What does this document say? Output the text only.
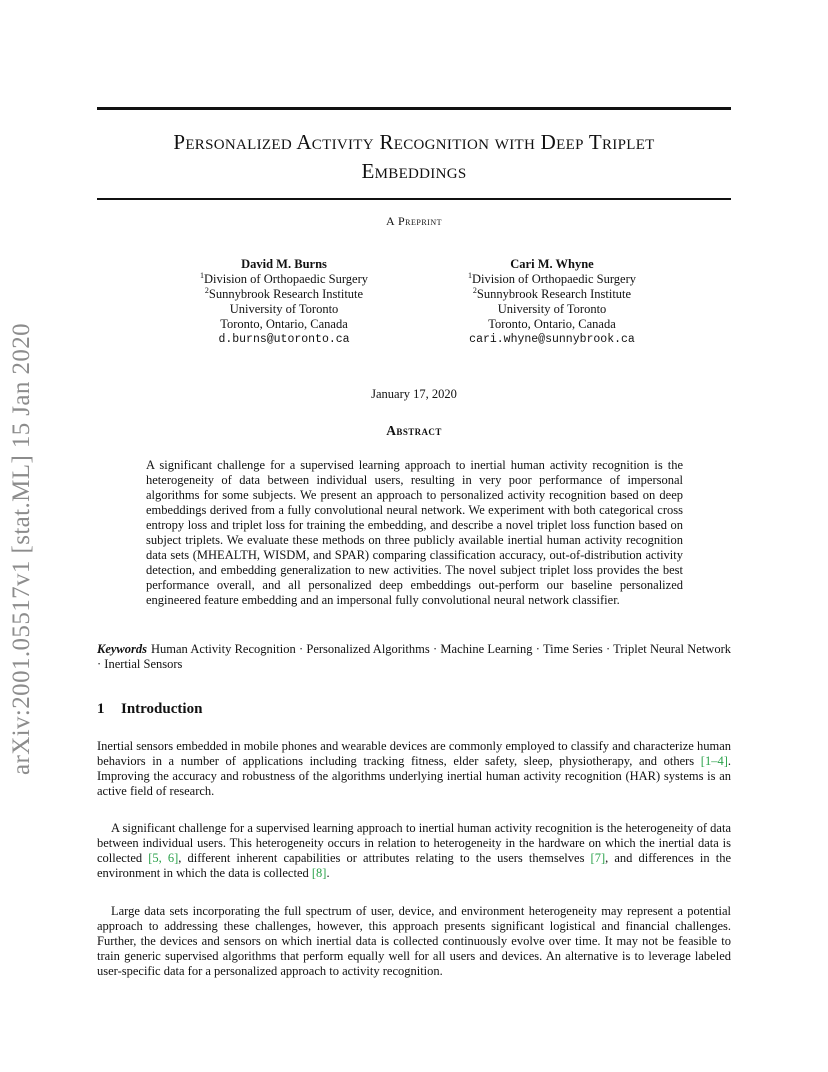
Personalized Activity Recognition with Deep Triplet
Embeddings
A Preprint
David M. Burns
$^1$Division of Orthopaedic Surgery
$^2$Sunnybrook Research Institute
University of Toronto
Toronto, Ontario, Canada
d.burns@utoronto.ca
Cari M. Whyne
$^1$Division of Orthopaedic Surgery
$^2$Sunnybrook Research Institute
University of Toronto
Toronto, Ontario, Canada
cari.whyne@sunnybrook.ca
January 17, 2020
Abstract
A significant challenge for a supervised learning approach to inertial human activity recognition is the heterogeneity of data between individual users, resulting in very poor performance of impersonal algorithms for some subjects. We present an approach to personalized activity recognition based on deep embeddings derived from a fully convolutional neural network. We experiment with both categorical cross entropy loss and triplet loss for training the embedding, and describe a novel triplet loss function based on subject triplets. We evaluate these methods on three publicly available inertial human activity recognition data sets (MHEALTH, WISDM, and SPAR) comparing classification accuracy, out-of-distribution activity detection, and embedding generalization to new activities. The novel subject triplet loss provides the best performance overall, and all personalized deep embeddings out-perform our baseline personalized engineered feature embedding and an impersonal fully convolutional neural network classifier.
Keywords Human Activity Recognition · Personalized Algorithms · Machine Learning · Time Series · Triplet Neural Network · Inertial Sensors
1 Introduction
Inertial sensors embedded in mobile phones and wearable devices are commonly employed to classify and characterize human behaviors in a number of applications including tracking fitness, elder safety, sleep, physiotherapy, and others [1–4]. Improving the accuracy and robustness of the algorithms underlying inertial human activity recognition (HAR) systems is an active field of research.
A significant challenge for a supervised learning approach to inertial human activity recognition is the heterogeneity of data between individual users. This heterogeneity occurs in relation to heterogeneity in the hardware on which the inertial data is collected [5, 6], different inherent capabilities or attributes relating to the users themselves [7], and differences in the environment in which the data is collected [8].
Large data sets incorporating the full spectrum of user, device, and environment heterogeneity may represent a potential approach to addressing these challenges, however, this approach presents significant logistical and financial challenges. Further, the devices and sensors on which inertial data is collected continuously evolve over time. It may not be feasible to train generic supervised algorithms that perform equally well for all users and devices. An alternative is to leverage labeled user-specific data for a personalized approach to activity recognition.
arXiv:2001.05517v1 [stat.ML] 15 Jan 2020
